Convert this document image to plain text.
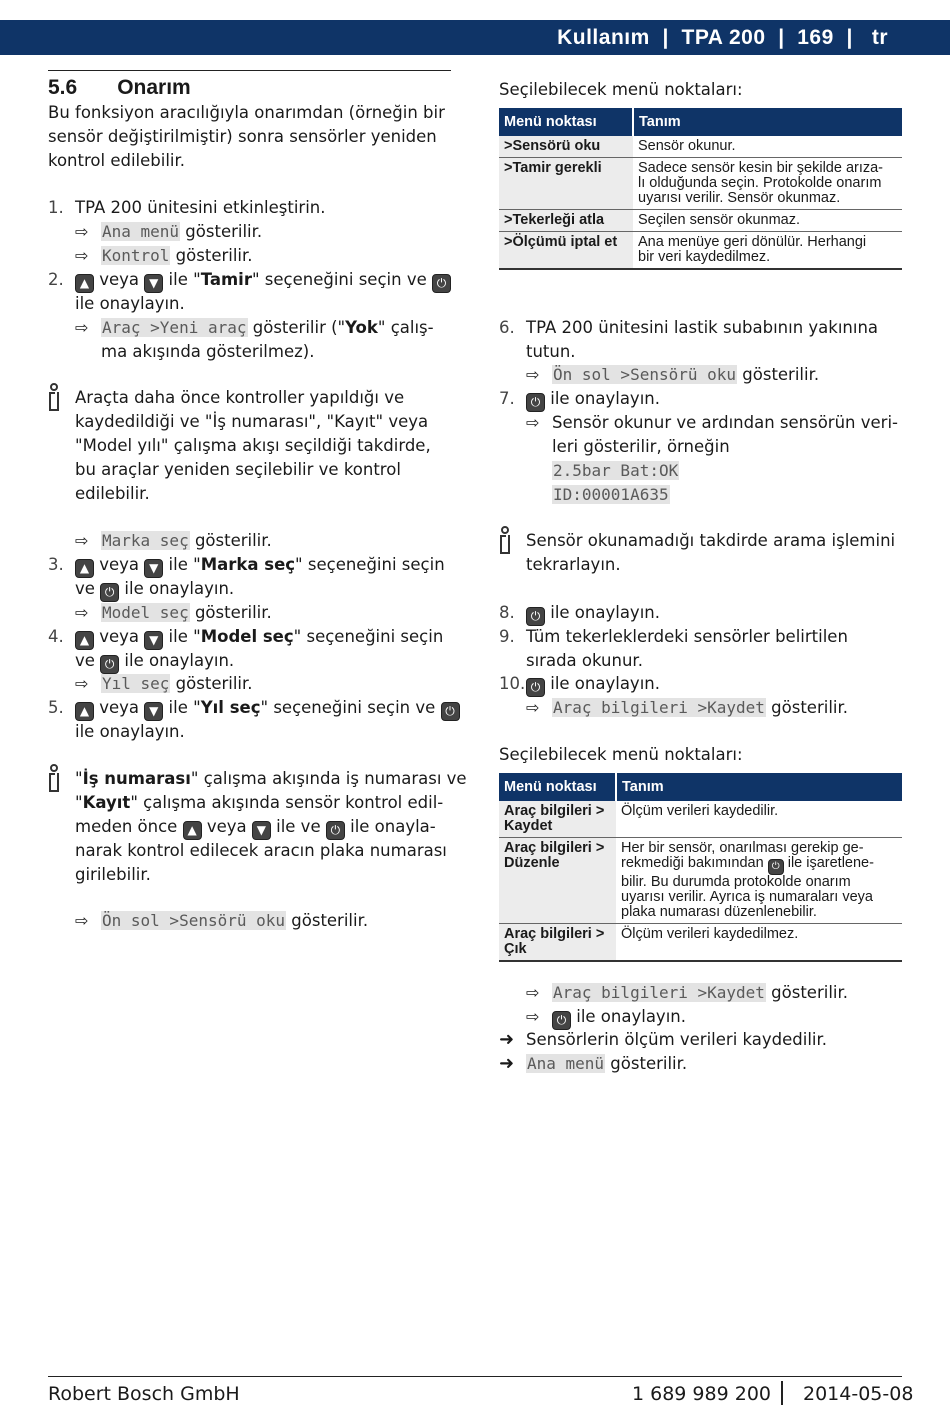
Kullanım  |  TPA 200  |  169  |   tr
5.6 Onarım
Bu fonksiyon aracılığıyla onarımdan (örneğin bir
sensör değiştirilmiştir) sonra sensörler yeniden
kontrol edilebilir.
1. TPA 200 ünitesini etkinleştirin.
⇨ Ana menü gösterilir.
⇨ Kontrol gösterilir.
2.	▲ veya ▼ ile "Tamir" seçeneğini seçin ve ⏻
ile onaylayın.
⇨ Araç >Yeni araç gösterilir ("Yok" çalış-
ma akışında gösterilmez).
Araçta daha önce kontroller yapıldığı ve
kaydedildiği ve "İş numarası", "Kayıt" veya
"Model yılı" çalışma akışı seçildiği takdirde,
bu araçlar yeniden seçilebilir ve kontrol
edilebilir.
⇨ Marka seç gösterilir.
3.	▲ veya ▼ ile "Marka seç" seçeneğini seçin
ve ⏻ ile onaylayın.
⇨ Model seç gösterilir.
4.	▲ veya ▼ ile "Model seç" seçeneğini seçin
ve ⏻ ile onaylayın.
⇨ Yıl seç gösterilir.
5.	▲ veya ▼ ile "Yıl seç" seçeneğini seçin ve ⏻
ile onaylayın.
"İş numarası" çalışma akışında iş numarası ve
"Kayıt" çalışma akışında sensör kontrol edil-
meden önce ▲ veya ▼ ile ve ⏻ ile onayla-
narak kontrol edilecek aracın plaka numarası
girilebilir.
⇨ Ön sol >Sensörü oku gösterilir.
Seçilebilecek menü noktaları:
Menü noktası	Tanım
>Sensörü oku	Sensör okunur.
>Tamir gerekli	Sadece sensör kesin bir şekilde arıza-
lı olduğunda seçin. Protokolde onarım
uyarısı verilir. Sensör okunmaz.
>Tekerleği atla	Seçilen sensör okunmaz.
>Ölçümü iptal et	Ana menüye geri dönülür. Herhangi
bir veri kaydedilmez.
6. TPA 200 ünitesini lastik subabının yakınına
tutun.
⇨ Ön sol >Sensörü oku gösterilir.
7.	⏻ ile onaylayın.
⇨ Sensör okunur ve ardından sensörün veri-
leri gösterilir, örneğin
2.5bar Bat:OK
ID:00001A635
Sensör okunamadığı takdirde arama işlemini
tekrarlayın.
8.	⏻ ile onaylayın.
9. Tüm tekerleklerdeki sensörler belirtilen
sırada okunur.
10. ⏻ ile onaylayın.
⇨ Araç bilgileri >Kaydet gösterilir.
Seçilebilecek menü noktaları:
Menü noktası	Tanım
Araç bilgileri >
Kaydet	Ölçüm verileri kaydedilir.
Araç bilgileri >
Düzenle	Her bir sensör, onarılması gerekip ge-
rekmediği bakımından ⏻ ile işaretlene-
bilir. Bu durumda protokolde onarım
uyarısı verilir. Ayrıca iş numaraları veya
plaka numarası düzenlenebilir.
Araç bilgileri >
Çık	Ölçüm verileri kaydedilmez.
⇨ Araç bilgileri >Kaydet gösterilir.
⇨	⏻ ile onaylayın.
➜ Sensörlerin ölçüm verileri kaydedilir.
➜ Ana menü gösterilir.
Robert Bosch GmbH	1 689 989 200 2014-05-08
